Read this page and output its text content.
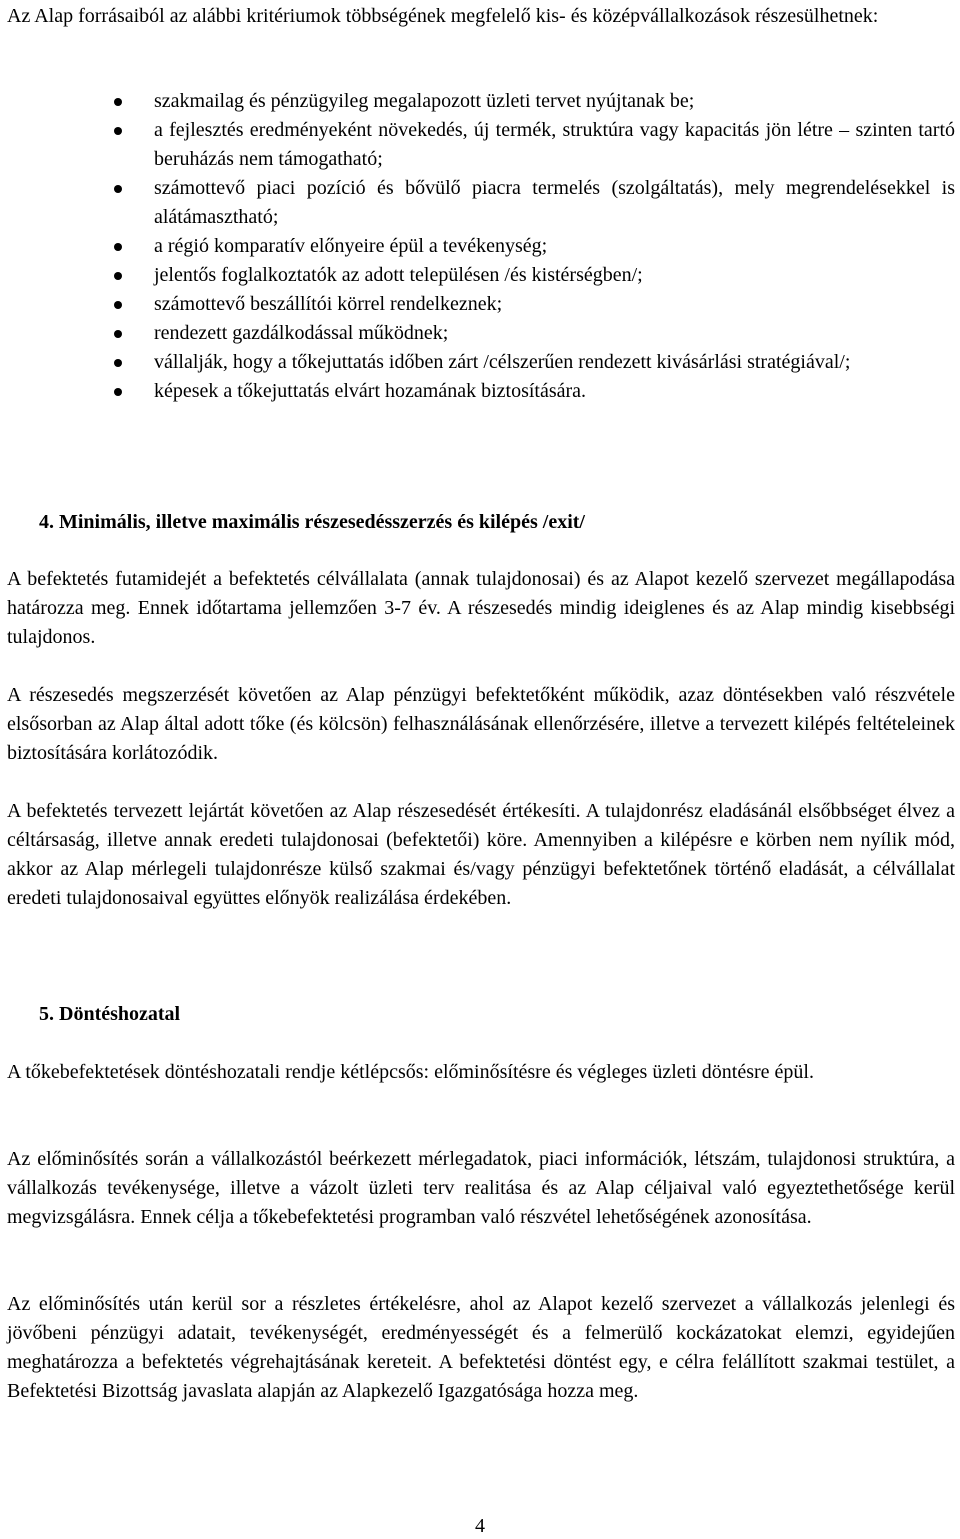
Az Alap forrásaiból az alábbi kritériumok többségének megfelelő kis- és középvállalkozások részesülhetnek:

szakmailag és pénzügyileg megalapozott üzleti tervet nyújtanak be;
a fejlesztés eredményeként növekedés, új termék, struktúra vagy kapacitás jön létre – szinten tartó beruházás nem támogatható;
számottevő piaci pozíció és bővülő piacra termelés (szolgáltatás), mely megrendelésekkel is alátámasztható;
a régió komparatív előnyeire épül a tevékenység;
jelentős foglalkoztatók az adott településen /és kistérségben/;
számottevő beszállítói körrel rendelkeznek;
rendezett gazdálkodással működnek;
vállalják, hogy a tőkejuttatás időben zárt /célszerűen rendezett kivásárlási stratégiával/;
képesek a tőkejuttatás elvárt hozamának biztosítására.
4. Minimális, illetve maximális részesedésszerzés és kilépés /exit/

A befektetés futamidejét a befektetés célvállalata (annak tulajdonosai) és az Alapot kezelő szervezet megállapodása határozza meg. Ennek időtartama jellemzően 3-7 év. A részesedés mindig ideiglenes és az Alap mindig kisebbségi tulajdonos.

A részesedés megszerzését követően az Alap pénzügyi befektetőként működik, azaz döntésekben való részvétele elsősorban az Alap által adott tőke (és kölcsön) felhasználásának ellenőrzésére, illetve a tervezett kilépés feltételeinek biztosítására korlátozódik.

A befektetés tervezett lejártát követően az Alap részesedését értékesíti. A tulajdonrész eladásánál elsőbbséget élvez a céltársaság, illetve annak eredeti tulajdonosai (befektetői) köre. Amennyiben a kilépésre e körben nem nyílik mód, akkor az Alap mérlegeli tulajdonrésze külső szakmai és/vagy pénzügyi befektetőnek történő eladását, a célvállalat eredeti tulajdonosaival együttes előnyök realizálása érdekében.

5. Döntéshozatal

A tőkebefektetések döntéshozatali rendje kétlépcsős: előminősítésre és végleges üzleti döntésre épül.

Az előminősítés során a vállalkozástól beérkezett mérlegadatok, piaci információk, létszám, tulajdonosi struktúra, a vállalkozás tevékenysége, illetve a vázolt üzleti terv realitása és az Alap céljaival való egyeztethetősége kerül megvizsgálásra. Ennek célja a tőkebefektetési programban való részvétel lehetőségének azonosítása.

Az előminősítés után kerül sor a részletes értékelésre, ahol az Alapot kezelő szervezet a vállalkozás jelenlegi és jövőbeni pénzügyi adatait, tevékenységét, eredményességét és a felmerülő kockázatokat elemzi, egyidejűen meghatározza a befektetés végrehajtásának kereteit. A befektetési döntést egy, e célra felállított szakmai testület, a Befektetési Bizottság javaslata alapján az Alapkezelő Igazgatósága hozza meg.

4
